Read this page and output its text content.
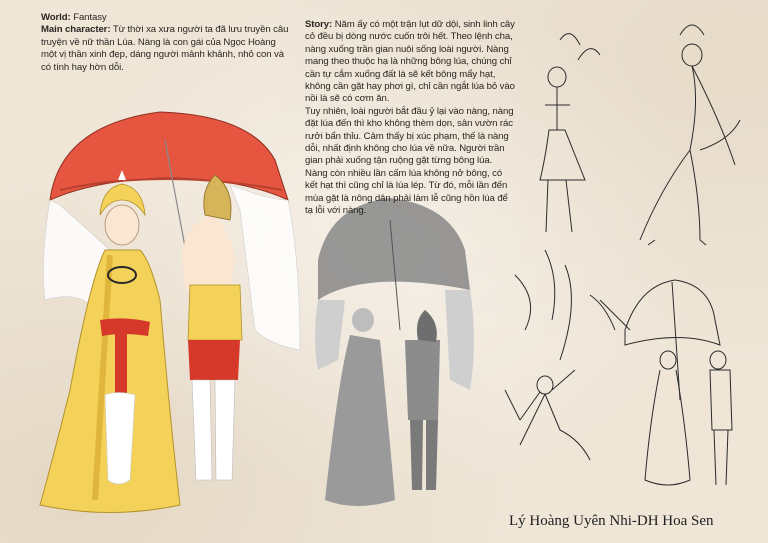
World: Fantasy
Main character: Từ thời xa xưa người ta đã lưu truyền câu truyện về nữ thần Lúa. Nàng là con gái của Ngọc Hoàng một vị thần xinh đẹp, dáng người mảnh khảnh, nhỏ con và có tính hay hờn dỗi.
Story: Năm ấy có một trận lụt dữ dội, sinh linh cây cỏ đều bị dòng nước cuốn trôi hết. Theo lệnh cha, nàng xuống trần gian nuôi sống loài người. Nàng mang theo thuộc hạ là những bông lúa, chúng chỉ cần tự cắm xuống đất là sẽ kết bông mẩy hạt, không cần gặt hay phơi gì, chỉ cần ngắt lúa bỏ vào nồi là sẽ có cơm ăn.
Tuy nhiên, loài người bắt đầu ỷ lại vào nàng, nàng đặt lúa đến thì kho không thèm dọn, sân vườn rác rưởi bẩn thỉu. Cảm thấy bị xúc phạm, thế là nàng dỗi, nhất định không cho lúa về nữa. Người trần gian phải xuống tận ruộng gặt từng bông lúa. Nàng còn nhiều lần cấm lúa không nở bông, có kết hạt thì cũng chỉ là lúa lép. Từ đó, mỗi lần đến mùa gặt là nông dân phải làm lễ cũng hồn lúa để tạ lỗi với nàng.
Lý Hoàng Uyên Nhi-DH Hoa Sen
